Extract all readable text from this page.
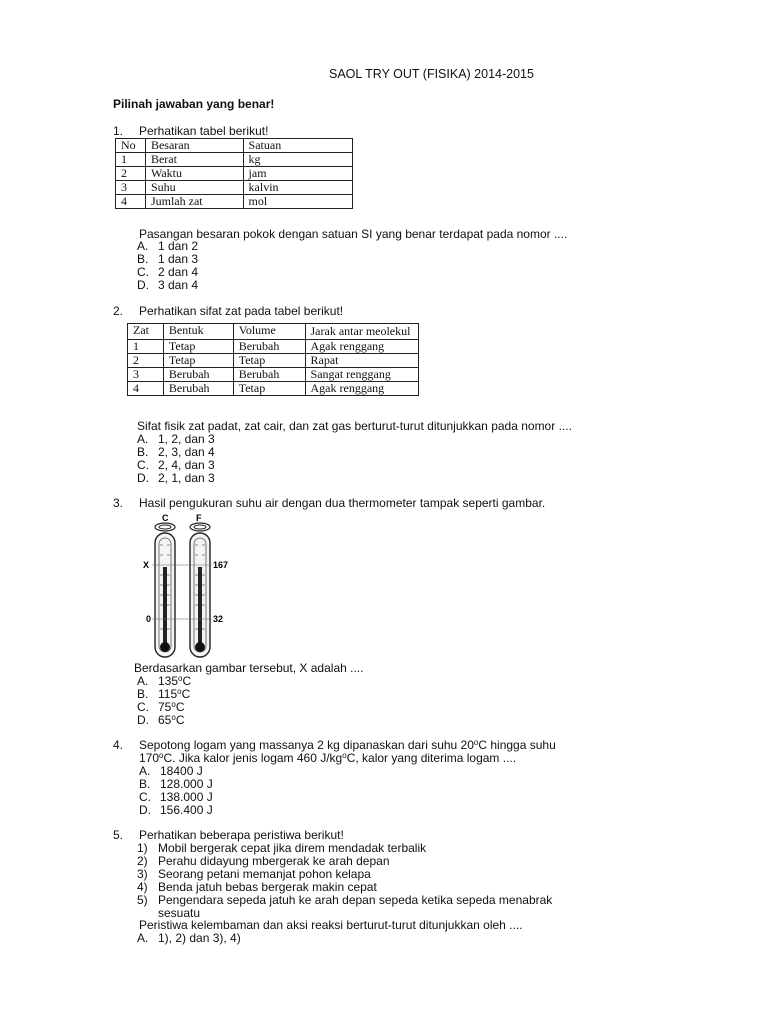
SAOL TRY OUT (FISIKA) 2014-2015
Pilinah jawaban yang benar!
1. Perhatikan tabel berikut!
No	Besaran	Satuan
1	Berat	kg
2	Waktu	jam
3	Suhu	kalvin
4	Jumlah zat	mol
Pasangan besaran pokok dengan satuan SI yang benar terdapat pada nomor ....
A. 1 dan 2
B. 1 dan 3
C. 2 dan 4
D. 3 dan 4
2. Perhatikan sifat zat pada tabel berikut!
Zat	Bentuk	Volume	Jarak antar meolekul
1	Tetap	Berubah	Agak renggang
2	Tetap	Tetap	Rapat
3	Berubah	Berubah	Sangat renggang
4	Berubah	Tetap	Agak renggang
Sifat fisik zat padat, zat cair, dan zat gas berturut-turut ditunjukkan pada nomor ....
A. 1, 2, dan 3
B. 2, 3, dan 4
C. 2, 4, dan 3
D. 2, 1, dan 3
3. Hasil pengukuran suhu air dengan dua thermometer tampak seperti gambar.
C	F
X	167
0	32
Berdasarkan gambar tersebut, X adalah ....
A. 135$^o$C
B. 115$^o$C
C. 75$^o$C
D. 65$^o$C
4. Sepotong logam yang massanya 2 kg dipanaskan dari suhu 20$^o$C hingga suhu
170$^o$C. Jika kalor jenis logam 460 $J/kg^oC$, kalor yang diterima logam ....
A. 18400 J
B. 128.000 J
C. 138.000 J
D. 156.400 J
5. Perhatikan beberapa peristiwa berikut!
1) Mobil bergerak cepat jika direm mendadak terbalik
2) Perahu didayung mbergerak ke arah depan
3) Seorang petani memanjat pohon kelapa
4) Benda jatuh bebas bergerak makin cepat
5) Pengendara sepeda jatuh ke arah depan sepeda ketika sepeda menabrak
sesuatu
Peristiwa kelembaman dan aksi reaksi berturut-turut ditunjukkan oleh ....
A. 1), 2) dan 3), 4)
